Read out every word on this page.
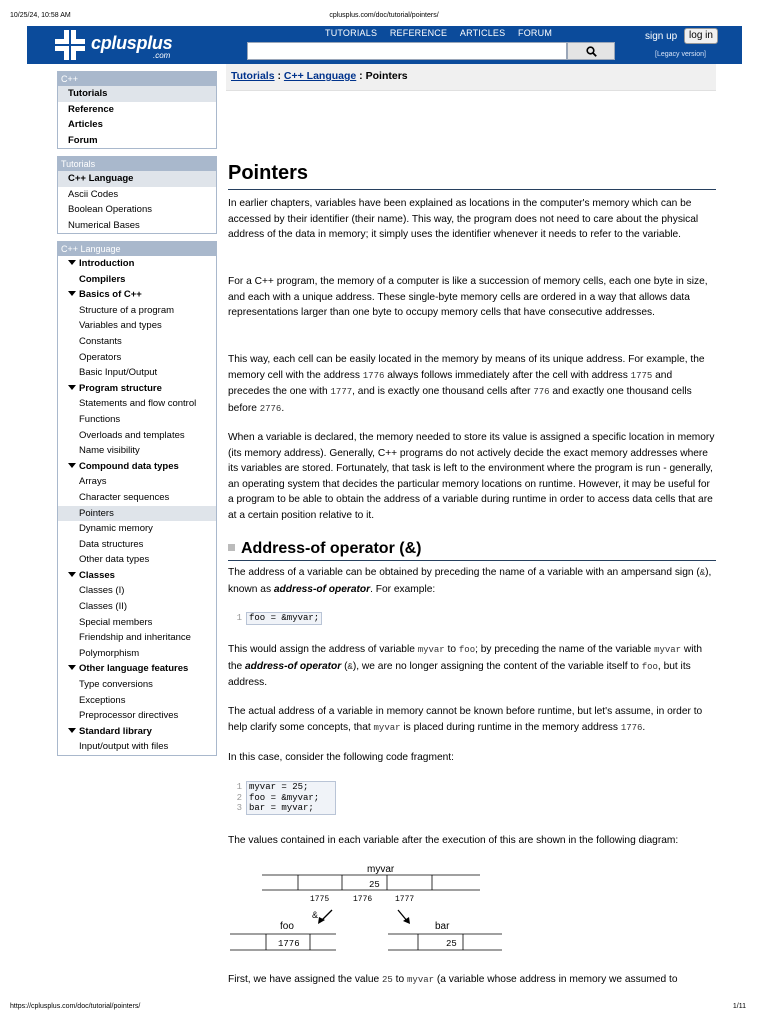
10/25/24, 10:58 AM	cplusplus.com/doc/tutorial/pointers/
cplusplus
.com
TUTORIALS REFERENCE ARTICLES FORUM	sign up	log in
[Legacy version]
C++
Tutorials
Reference
Articles
Forum
Tutorials
C++ Language
Ascii Codes
Boolean Operations
Numerical Bases
C++ Language
Introduction
Compilers
Basics of C++
Structure of a program
Variables and types
Constants
Operators
Basic Input/Output
Program structure
Statements and flow control
Functions
Overloads and templates
Name visibility
Compound data types
Arrays
Character sequences
Pointers
Dynamic memory
Data structures
Other data types
Classes
Classes (I)
Classes (II)
Special members
Friendship and inheritance
Polymorphism
Other language features
Type conversions
Exceptions
Preprocessor directives
Standard library
Input/output with files
Tutorials : C++ Language : Pointers
Pointers
In earlier chapters, variables have been explained as locations in the computer's memory which can be accessed by their identifier (their name). This way, the program does not need to care about the physical address of the data in memory; it simply uses the identifier whenever it needs to refer to the variable.
For a C++ program, the memory of a computer is like a succession of memory cells, each one byte in size, and each with a unique address. These single-byte memory cells are ordered in a way that allows data representations larger than one byte to occupy memory cells that have consecutive addresses.
This way, each cell can be easily located in the memory by means of its unique address. For example, the memory cell with the address 1776 always follows immediately after the cell with address 1775 and precedes the one with 1777, and is exactly one thousand cells after 776 and exactly one thousand cells before 2776.
When a variable is declared, the memory needed to store its value is assigned a specific location in memory (its memory address). Generally, C++ programs do not actively decide the exact memory addresses where its variables are stored. Fortunately, that task is left to the environment where the program is run - generally, an operating system that decides the particular memory locations on runtime. However, it may be useful for a program to be able to obtain the address of a variable during runtime in order to access data cells that are at a certain position relative to it.
Address-of operator (&)
The address of a variable can be obtained by preceding the name of a variable with an ampersand sign (&), known as address-of operator. For example:
1 foo = &myvar;
This would assign the address of variable myvar to foo; by preceding the name of the variable myvar with the address-of operator (&), we are no longer assigning the content of the variable itself to foo, but its address.
The actual address of a variable in memory cannot be known before runtime, but let's assume, in order to help clarify some concepts, that myvar is placed during runtime in the memory address 1776.
In this case, consider the following code fragment:
1
2
3
myvar = 25;
foo = &myvar;
bar = myvar;
The values contained in each variable after the execution of this are shown in the following diagram:
myvar
25
1775	1776	1777
&
foo
1776
bar
25
First, we have assigned the value 25 to myvar (a variable whose address in memory we assumed to
https://cplusplus.com/doc/tutorial/pointers/	1/11
